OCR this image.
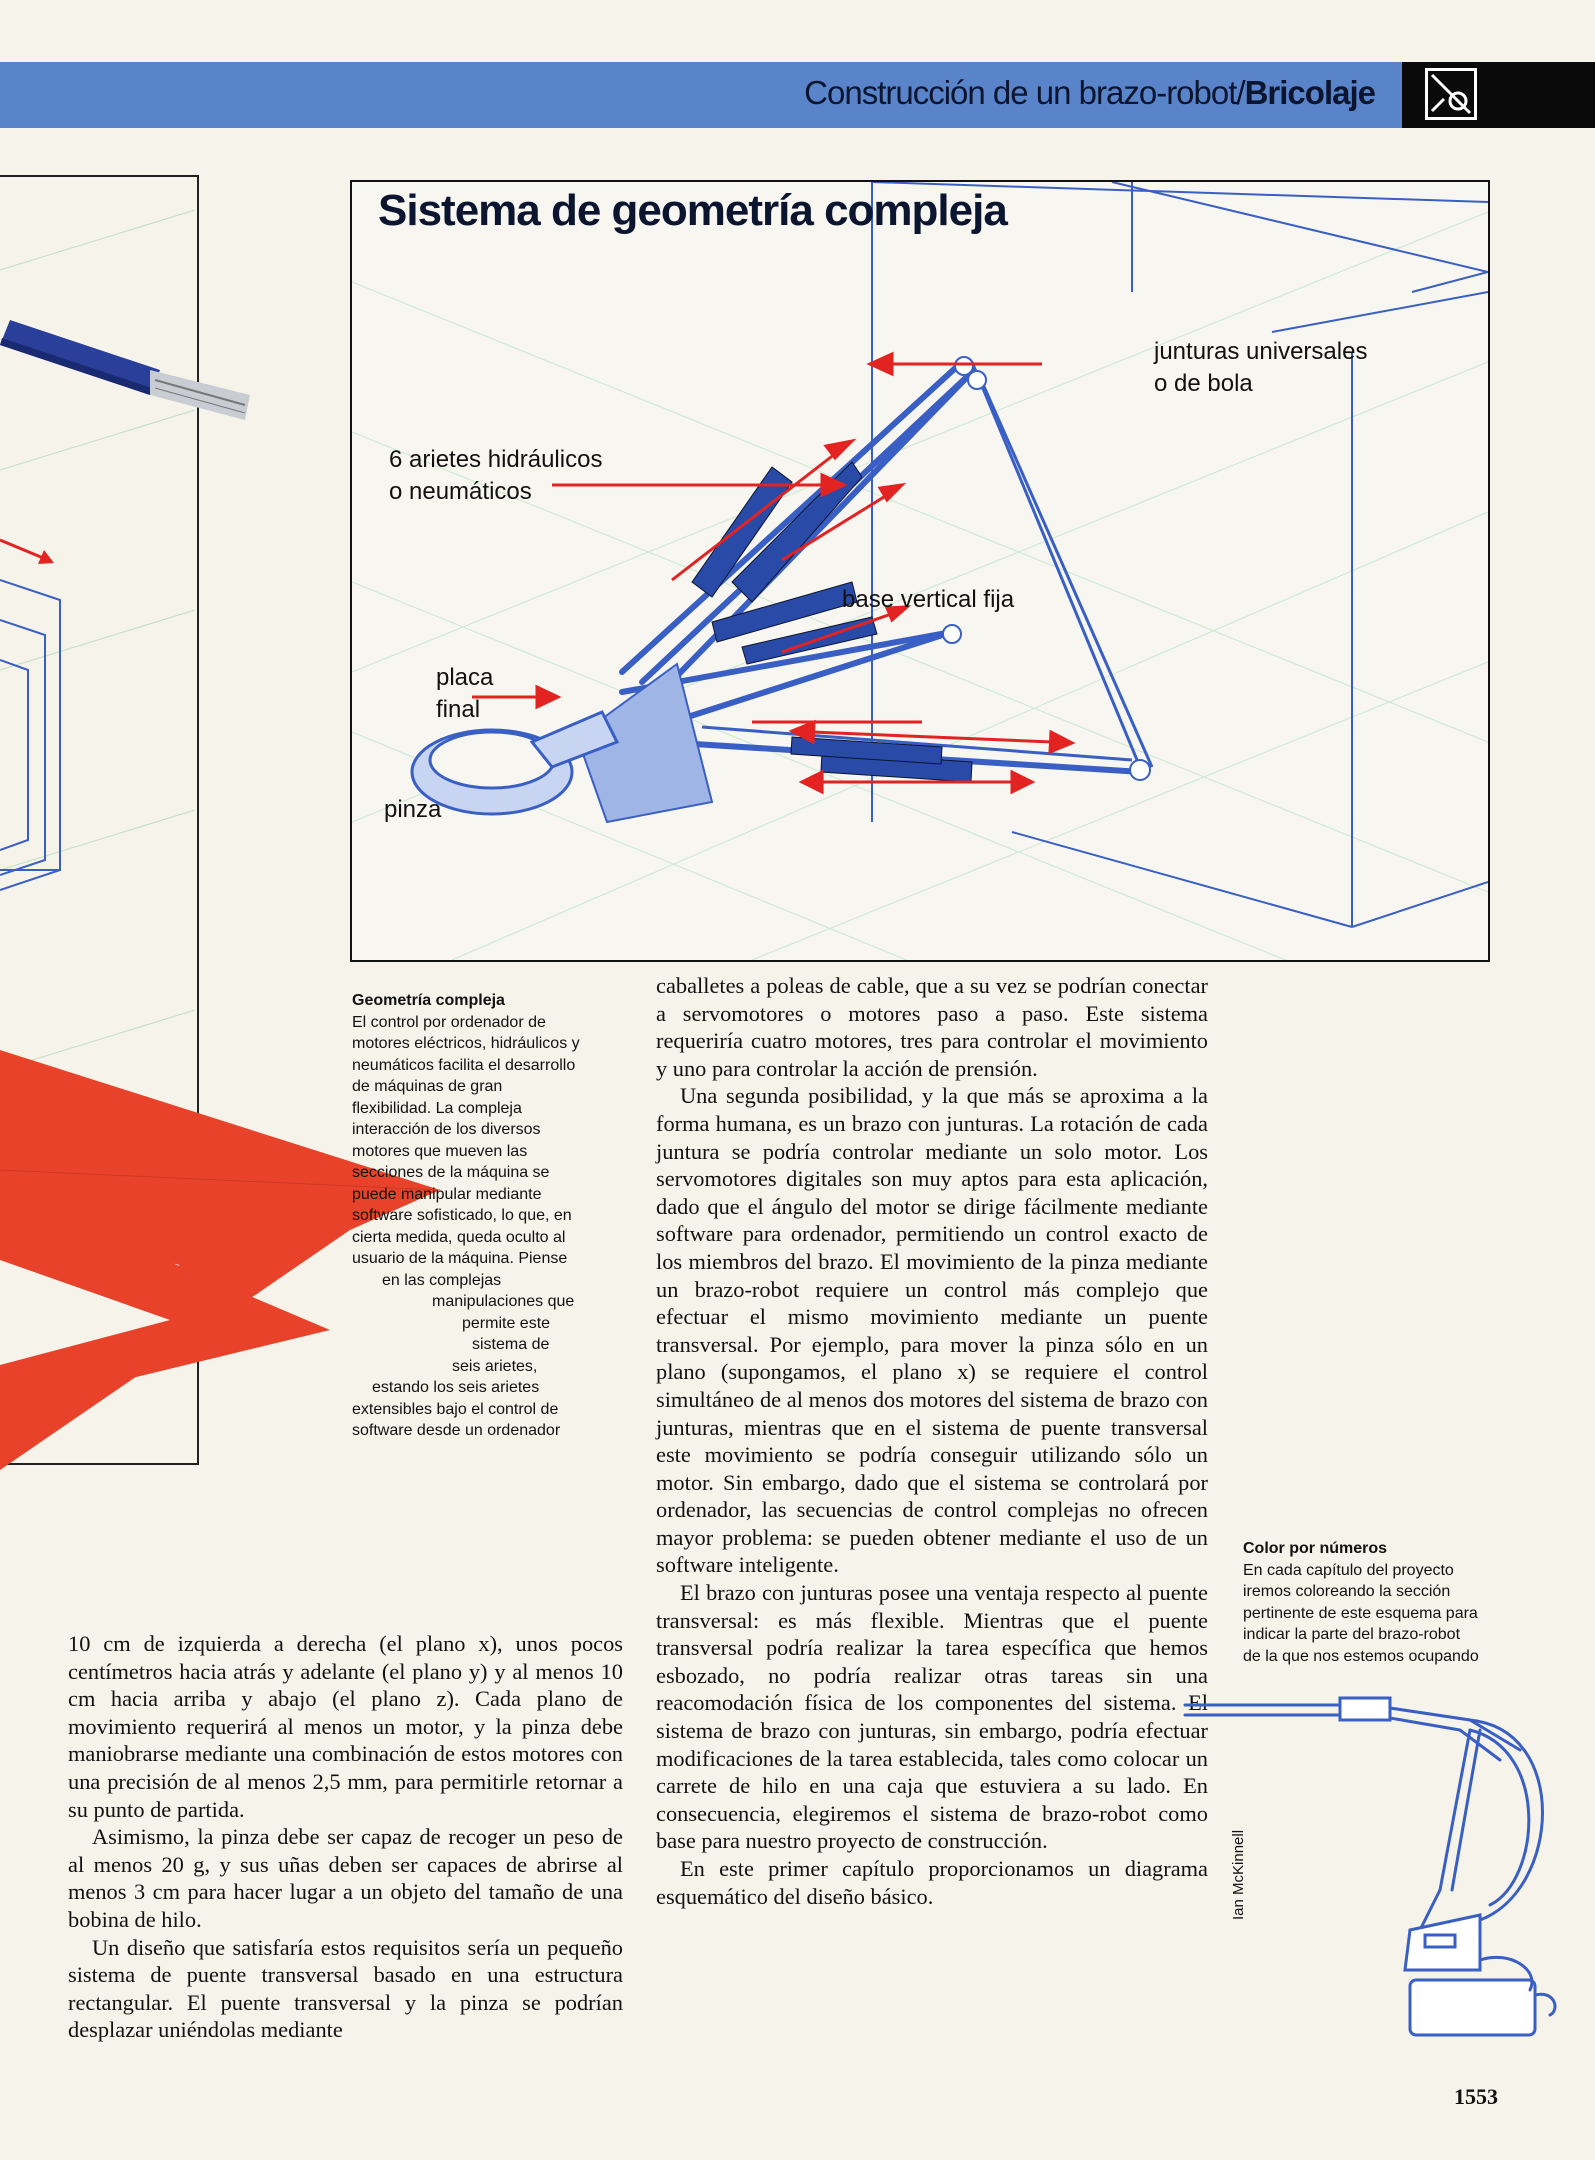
Construcción de un brazo-robot/Bricolaje
Sistema de geometría compleja
junturas universales
o de bola
6 arietes hidráulicos
o neumáticos
base vertical fija
placa
final
pinza
Geometría compleja
El control por ordenador de
motores eléctricos, hidráulicos y
neumáticos facilita el desarrollo
de máquinas de gran
flexibilidad. La compleja
interacción de los diversos
motores que mueven las
secciones de la máquina se
puede manipular mediante
software sofisticado, lo que, en
cierta medida, queda oculto al
usuario de la máquina. Piense
en las complejas
manipulaciones que
permite este
sistema de
seis arietes,
estando los seis arietes
extensibles bajo el control de
software desde un ordenador

caballetes a poleas de cable, que a su vez se podrían conectar a servomotores o motores paso a paso. Este sistema requeriría cuatro motores, tres para controlar el movimiento y uno para controlar la acción de prensión.

Una segunda posibilidad, y la que más se aproxima a la forma humana, es un brazo con junturas. La rotación de cada juntura se podría controlar mediante un solo motor. Los servomotores digitales son muy aptos para esta aplicación, dado que el ángulo del motor se dirige fácilmente mediante software para ordenador, permitiendo un control exacto de los miembros del brazo. El movimiento de la pinza mediante un brazo-robot requiere un control más complejo que efectuar el mismo movimiento mediante un puente transversal. Por ejemplo, para mover la pinza sólo en un plano (supongamos, el plano x) se requiere el control simultáneo de al menos dos motores del sistema de brazo con junturas, mientras que en el sistema de puente transversal este movimiento se podría conseguir utilizando sólo un motor. Sin embargo, dado que el sistema se controlará por ordenador, las secuencias de control complejas no ofrecen mayor problema: se pueden obtener mediante el uso de un software inteligente.

El brazo con junturas posee una ventaja respecto al puente transversal: es más flexible. Mientras que el puente transversal podría realizar la tarea específica que hemos esbozado, no podría realizar otras tareas sin una reacomodación física de los componentes del sistema. El sistema de brazo con junturas, sin embargo, podría efectuar modificaciones de la tarea establecida, tales como colocar un carrete de hilo en una caja que estuviera a su lado. En consecuencia, elegiremos el sistema de brazo-robot como base para nuestro proyecto de construcción.

En este primer capítulo proporcionamos un diagrama esquemático del diseño básico.

10 cm de izquierda a derecha (el plano x), unos pocos centímetros hacia atrás y adelante (el plano y) y al menos 10 cm hacia arriba y abajo (el plano z). Cada plano de movimiento requerirá al menos un motor, y la pinza debe maniobrarse mediante una combinación de estos motores con una precisión de al menos 2,5 mm, para permitirle retornar a su punto de partida.

Asimismo, la pinza debe ser capaz de recoger un peso de al menos 20 g, y sus uñas deben ser capaces de abrirse al menos 3 cm para hacer lugar a un objeto del tamaño de una bobina de hilo.

Un diseño que satisfaría estos requisitos sería un pequeño sistema de puente transversal basado en una estructura rectangular. El puente transversal y la pinza se podrían desplazar uniéndolas mediante

Color por números
En cada capítulo del proyecto
iremos coloreando la sección
pertinente de este esquema para
indicar la parte del brazo-robot
de la que nos estemos ocupando
Ian McKinnell
1553
